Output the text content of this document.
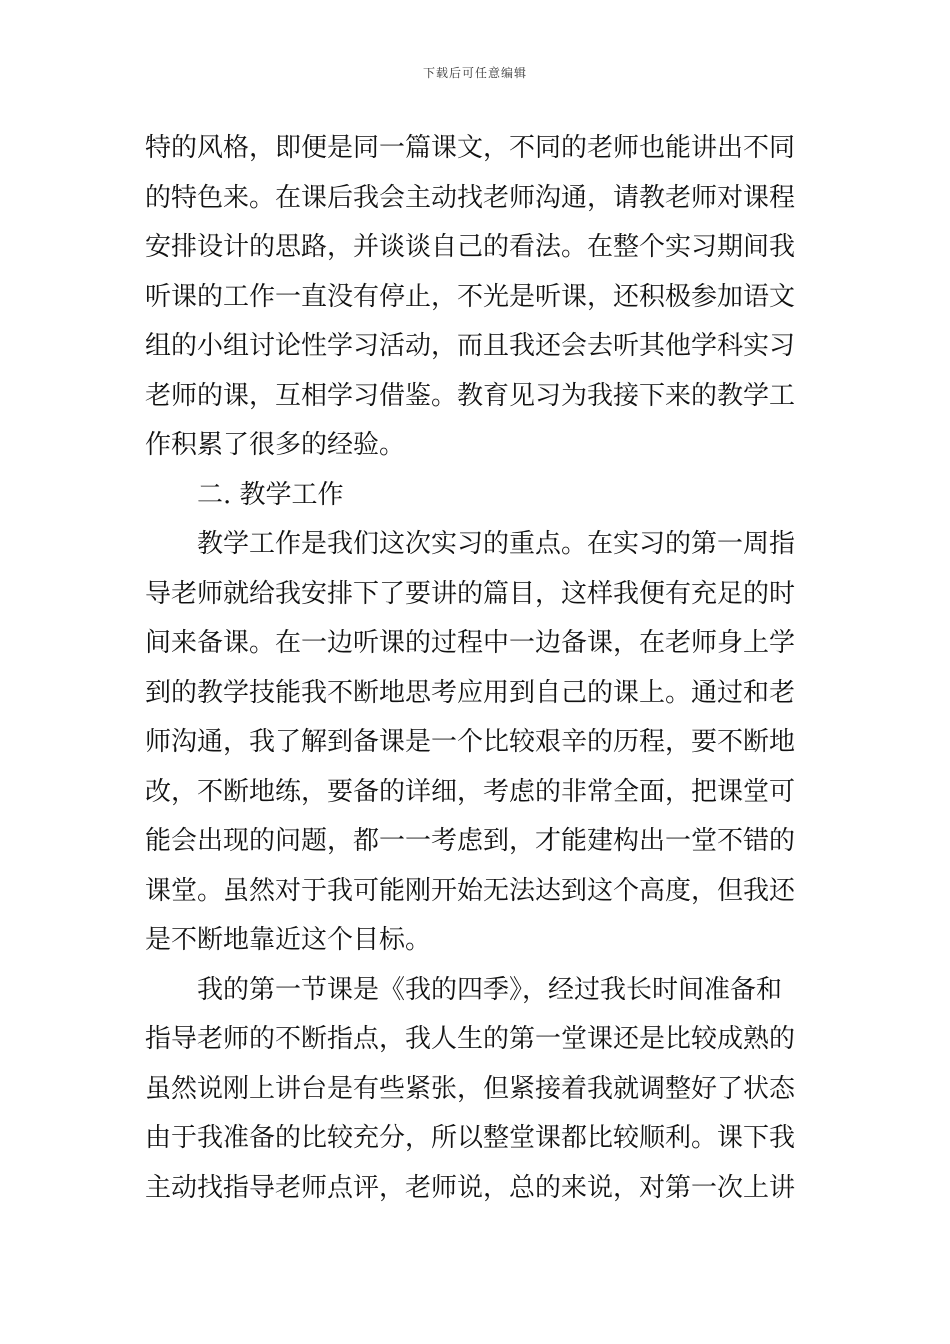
下载后可任意编辑
特的风格，即便是同一篇课文，不同的老师也能讲出不同
的特色来。在课后我会主动找老师沟通，请教老师对课程
安排设计的思路，并谈谈自己的看法。在整个实习期间我
听课的工作一直没有停止，不光是听课，还积极参加语文
组的小组讨论性学习活动，而且我还会去听其他学科实习
老师的课，互相学习借鉴。教育见习为我接下来的教学工
作积累了很多的经验。
二. 教学工作
教学工作是我们这次实习的重点。在实习的第一周指
导老师就给我安排下了要讲的篇目，这样我便有充足的时
间来备课。在一边听课的过程中一边备课，在老师身上学
到的教学技能我不断地思考应用到自己的课上。通过和老
师沟通，我了解到备课是一个比较艰辛的历程，要不断地
改，不断地练，要备的详细，考虑的非常全面，把课堂可
能会出现的问题，都一一考虑到，才能建构出一堂不错的
课堂。虽然对于我可能刚开始无法达到这个高度，但我还
是不断地靠近这个目标。
我的第一节课是《我的四季》，经过我长时间准备和
指导老师的不断指点，我人生的第一堂课还是比较成熟的
虽然说刚上讲台是有些紧张，但紧接着我就调整好了状态
由于我准备的比较充分，所以整堂课都比较顺利。课下我
主动找指导老师点评，老师说，总的来说，对第一次上讲
